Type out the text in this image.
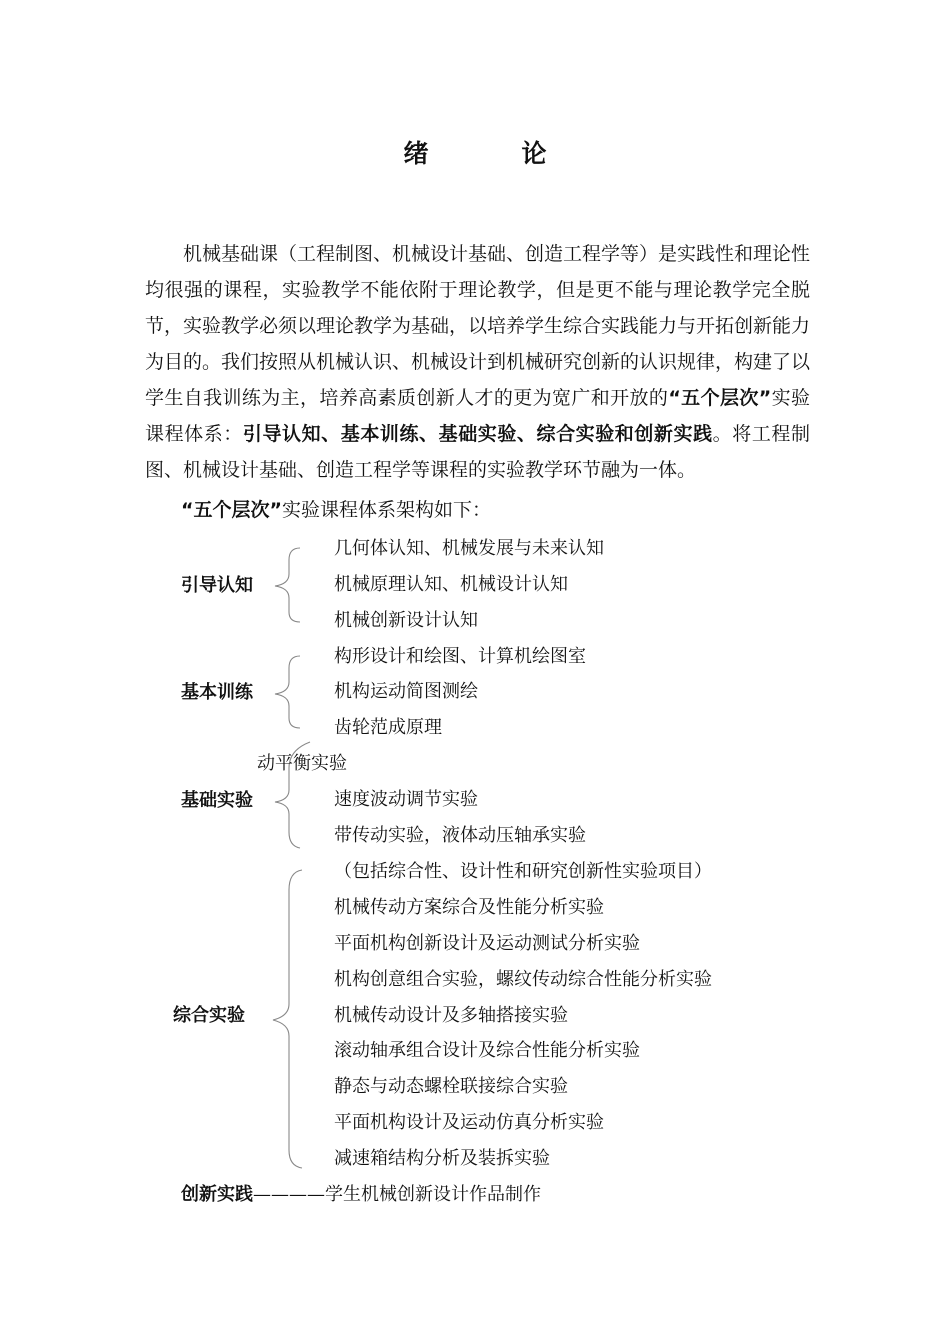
绪　论

机械基础课（工程制图、机械设计基础、创造工程学等）是实践性和理论性均很强的课程，实验教学不能依附于理论教学，但是更不能与理论教学完全脱节，实验教学必须以理论教学为基础，以培养学生综合实践能力与开拓创新能力为目的。我们按照从机械认识、机械设计到机械研究创新的认识规律，构建了以学生自我训练为主，培养高素质创新人才的更为宽广和开放的“五个层次”实验课程体系：引导认知、基本训练、基础实验、综合实验和创新实践。将工程制图、机械设计基础、创造工程学等课程的实验教学环节融为一体。

“五个层次”实验课程体系架构如下：
引导认知
几何体认知、机械发展与未来认知
机械原理认知、机械设计认知
机械创新设计认知
基本训练
构形设计和绘图、计算机绘图室
机构运动简图测绘
齿轮范成原理
基础实验
动平衡实验
速度波动调节实验
带传动实验，液体动压轴承实验
综合实验
（包括综合性、设计性和研究创新性实验项目）
机械传动方案综合及性能分析实验
平面机构创新设计及运动测试分析实验
机构创意组合实验，螺纹传动综合性能分析实验
机械传动设计及多轴搭接实验
滚动轴承组合设计及综合性能分析实验
静态与动态螺栓联接综合实验
平面机构设计及运动仿真分析实验
减速箱结构分析及装拆实验
创新实践————学生机械创新设计作品制作
